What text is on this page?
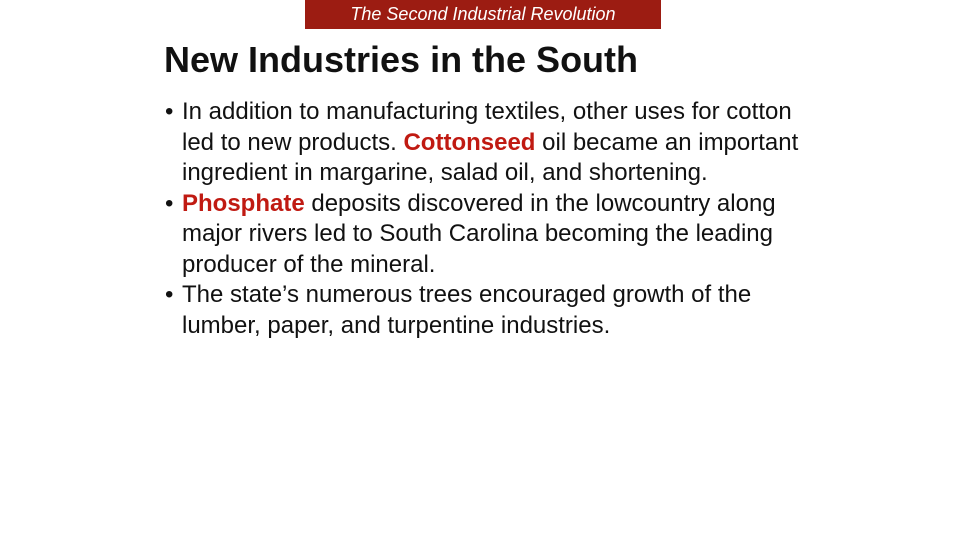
The Second Industrial Revolution
New Industries in the South
• In addition to manufacturing textiles, other uses for cotton led to new products. Cottonseed oil became an important ingredient in margarine, salad oil, and shortening.
• Phosphate deposits discovered in the lowcountry along major rivers led to South Carolina becoming the leading producer of the mineral.
• The state’s numerous trees encouraged growth of the lumber, paper, and turpentine industries.
